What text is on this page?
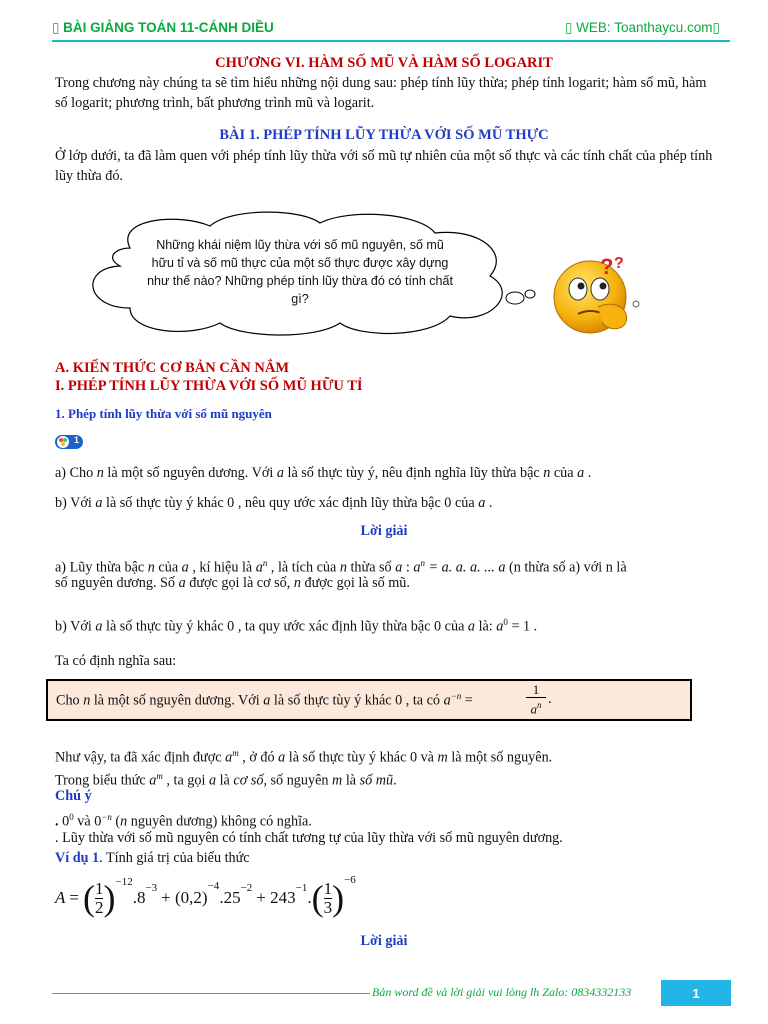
▯ BÀI GIẢNG TOÁN 11-CÁNH DIỀU	▯ WEB: Toanthaycu.com▯
CHƯƠNG VI. HÀM SỐ MŨ VÀ HÀM SỐ LOGARIT
Trong chương này chúng ta sẽ tìm hiểu những nội dung sau: phép tính lũy thừa; phép tính logarit; hàm số mũ, hàm số logarit; phương trình, bất phương trình mũ và logarit.
BÀI 1. PHÉP TÍNH LŨY THỪA VỚI SỐ MŨ THỰC
Ở lớp dưới, ta đã làm quen với phép tính lũy thừa với số mũ tự nhiên của một số thực và các tính chất của phép tính lũy thừa đó.
Những khái niệm lũy thừa với số mũ nguyên, số mũ hữu tỉ và số mũ thực của một số thực được xây dựng như thế nào? Những phép tính lũy thừa đó có tính chất gì?
? ?
A. KIẾN THỨC CƠ BẢN CẦN NẮM
I. PHÉP TÍNH LŨY THỪA VỚI SỐ MŨ HỮU TỈ
1. Phép tính lũy thừa với số mũ nguyên
1
a) Cho n là một số nguyên dương. Với a là số thực tùy ý, nêu định nghĩa lũy thừa bậc n của a .
b) Với a là số thực tùy ý khác 0 , nêu quy ước xác định lũy thừa bậc 0 của a .
Lời giải
a) Lũy thừa bậc n của a , kí hiệu là $a^n$ , là tích của n thừa số a : $a^n = a$. a. a. ... a (n thừa số a) với n là
số nguyên dương. Số a được gọi là cơ số, n được gọi là số mũ.
b) Với a là số thực tùy ý khác 0 , ta quy ước xác định lũy thừa bậc 0 của a là: $a^0 = 1$ .
Ta có định nghĩa sau:
Cho n là một số nguyên dương. Với a là số thực tùy ý khác 0 , ta có $a^{-n}$ =	$\frac{1}{a^n}$ .
Như vậy, ta đã xác định được $a^m$ , ở đó a là số thực tùy ý khác 0 và m là một số nguyên.
Trong biểu thức $a^m$ , ta gọi a là cơ số, số nguyên m là số mũ.
Chú ý
. $0^0$ và $0^{-n}$ (n nguyên dương) không có nghĩa.
. Lũy thừa với số mũ nguyên có tính chất tương tự của lũy thừa với số mũ nguyên dương.
Ví dụ 1. Tính giá trị của biểu thức
A = ( $\frac{1}{2} )^{-12}$
$.8^{-3} + (0,2)$
$^{-4}$
$.25^{-2} + 243^{-1}$ . ( $\frac{1}{3} )^{-6}$
Lời giải
Bản word đề và lời giải vui lòng lh Zalo: 0834332133	1
